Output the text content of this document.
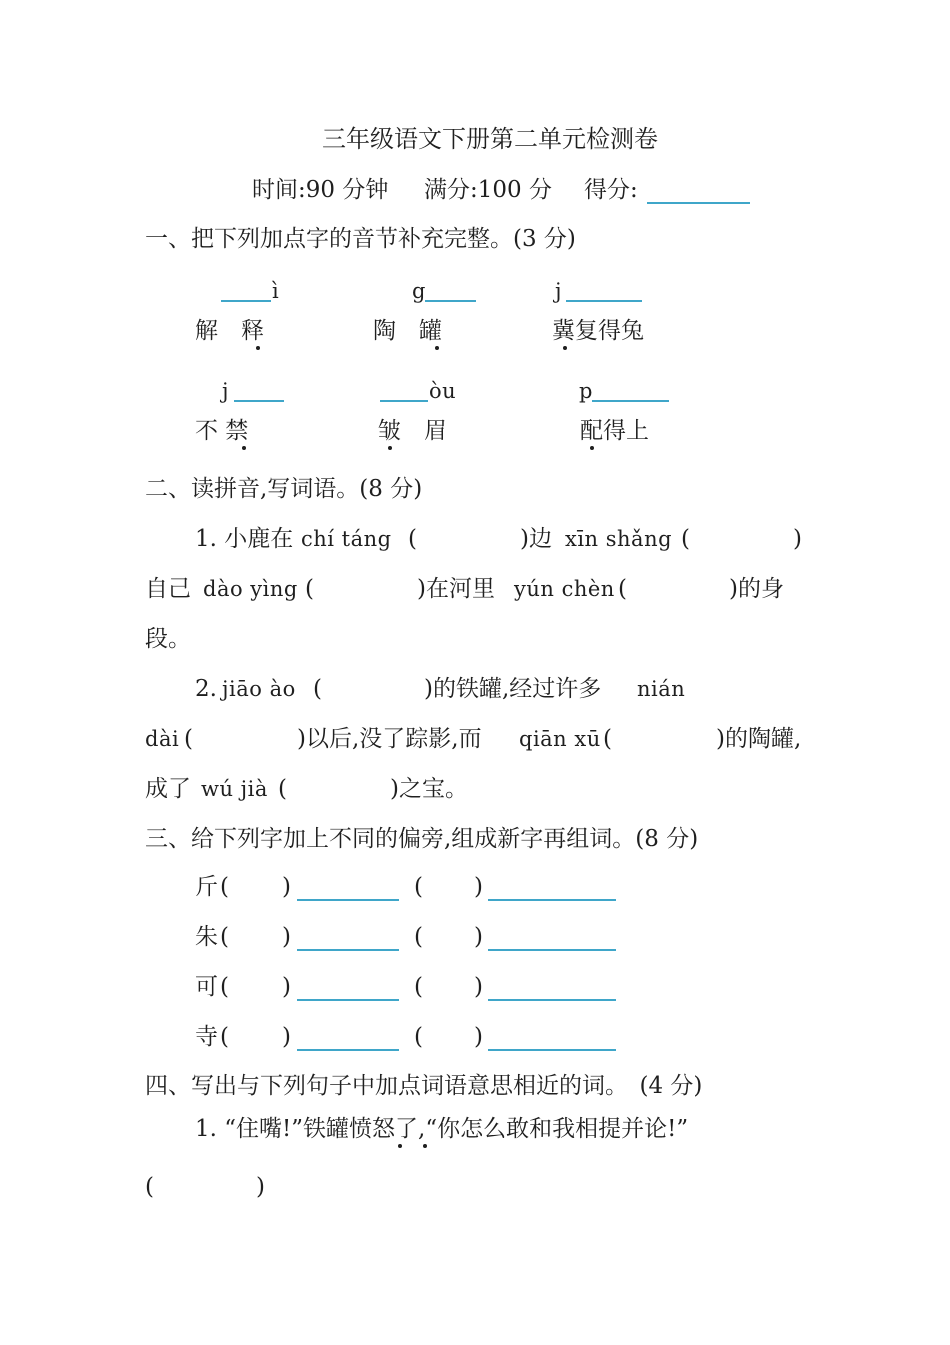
三年级语文下册第二单元检测卷
时间:90 分钟 满分:100 分 得分:
一、把下列加点字的音节补充完整。(3 分)
ì	g	j
解　释	陶　罐	冀复得兔
j	òu	p
不 禁	皱　眉	配得上
二、读拼音,写词语。(8 分)
1. 小鹿在 chí táng (	)边 xīn shǎng (	)
自己 dào yìng (	)在河里 yún chèn (	)的身
段。
2. jiāo ào (	)的铁罐,经过许多 nián
dài (	)以后,没了踪影,而 qiān xū (	)的陶罐,
成了 wú jià (	)之宝。
三、给下列字加上不同的偏旁,组成新字再组词。(8 分)
斤 ( )	( )
朱 ( )	( )
可 ( )	( )
寺 ( )	( )
四、写出与下列句子中加点词语意思相近的词。　(4 分)
1. “住嘴!”铁罐愤怒了,“你怎么敢和我相提并论!”
(	)
